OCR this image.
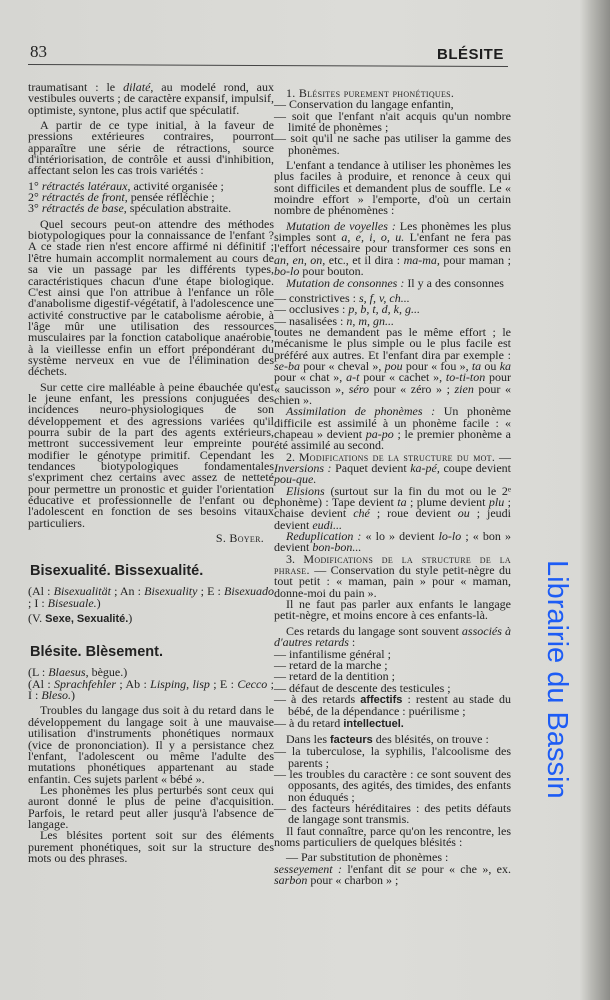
83	BLÉSITE
traumatisant : le dilaté, au modelé rond, aux vestibules ouverts ; de caractère expansif, impulsif, optimiste, syntone, plus actif que spéculatif.
A partir de ce type initial, à la faveur de pressions extérieures contraires, pourront apparaître une série de rétractions, source d'intériorisation, de contrôle et aussi d'inhibition, affectant selon les cas trois variétés :
1° rétractés latéraux, activité organisée ;
2° rétractés de front, pensée réfléchie ;
3° rétractés de base, spéculation abstraite.
Quel secours peut-on attendre des méthodes biotypologiques pour la connaissance de l'enfant ? A ce stade rien n'est encore affirmé ni définitif ; l'être humain accomplit normalement au cours de sa vie un passage par les différents types, caractéristiques chacun d'une étape biologique. C'est ainsi que l'on attribue à l'enfance un rôle d'anabolisme digestif-végétatif, à l'adolescence une activité constructive par le catabolisme aérobie, à l'âge mûr une utilisation des ressources musculaires par la fonction catabolique anaérobie, à la vieillesse enfin un effort prépondérant du système nerveux en vue de l'élimination des déchets.
Sur cette cire malléable à peine ébauchée qu'est le jeune enfant, les pressions conjuguées des incidences neuro-physiologiques de son développement et des agressions variées qu'il pourra subir de la part des agents extérieurs, mettront successivement leur empreinte pour modifier le génotype primitif. Cependant les tendances biotypologiques fondamentales s'expriment chez certains avec assez de netteté pour permettre un pronostic et guider l'orientation éducative et professionnelle de l'enfant ou de l'adolescent en fonction de ses besoins vitaux particuliers.
S. Boyer.
Bisexualité. Bissexualité.
(Al : Bisexualität ; An : Bisexuality ; E : Bisexuado ; I : Bisesuale.)
(V. Sexe, Sexualité.)
Blésite. Blèsement.
(L : Blaesus, bègue.)
(Al : Sprachfehler ; Ab : Lisping, lisp ; E : Cecco ; I : Bleso.)
Troubles du langage dus soit à du retard dans le développement du langage soit à une mauvaise utilisation d'instruments phonétiques normaux (vice de prononciation). Il y a persistance chez l'enfant, l'adolescent ou même l'adulte des mutations phonétiques appartenant au stade enfantin. Ces sujets parlent « bébé ».
Les phonèmes les plus perturbés sont ceux qui auront donné le plus de peine d'acquisition. Parfois, le retard peut aller jusqu'à l'absence de langage.
Les blésites portent soit sur des éléments purement phonétiques, soit sur la structure des mots ou des phrases.
1. Blésites purement phonétiques.
— Conservation du langage enfantin,
— soit que l'enfant n'ait acquis qu'un nombre limité de phonèmes ;
— soit qu'il ne sache pas utiliser la gamme des phonèmes.
L'enfant a tendance à utiliser les phonèmes les plus faciles à produire, et renonce à ceux qui sont difficiles et demandent plus de souffle. Le « moindre effort » l'emporte, d'où un certain nombre de phénomènes :
Mutation de voyelles : Les phonèmes les plus simples sont a, e, i, o, u. L'enfant ne fera pas l'effort nécessaire pour transformer ces sons en an, en, on, etc., et il dira : ma-ma, pour maman ; bo-lo pour bouton.
Mutation de consonnes : Il y a des consonnes
— constrictives : s, f, v, ch...
— occlusives : p, b, t, d, k, g...
— nasalisées : n, m, gn...
toutes ne demandent pas le même effort ; le mécanisme le plus simple ou le plus facile est préféré aux autres. Et l'enfant dira par exemple : se-ba pour « cheval », pou pour « fou », ta ou ka pour « chat », a-t pour « cachet », to-ti-ton pour « saucisson », séro pour « zéro » ; zien pour « chien ».
Assimilation de phonèmes : Un phonème difficile est assimilé à un phonème facile : « chapeau » devient pa-po ; le premier phonème a été assimilé au second.
2. Modifications de la structure du mot. — Inversions : Paquet devient ka-pé, coupe devient pou-que.
Elisions (surtout sur la fin du mot ou le 2ᵉ phonème) : Tape devient ta ; plume devient plu ; chaise devient ché ; roue devient ou ; jeudi devient eudi...
Reduplication : « lo » devient lo-lo ; « bon » devient bon-bon...
3. Modifications de la structure de la phrase. — Conservation du style petit-nègre du tout petit : « maman, pain » pour « maman, donne-moi du pain ».
Il ne faut pas parler aux enfants le langage petit-nègre, et moins encore à ces enfants-là.
Ces retards du langage sont souvent associés à d'autres retards :
— infantilisme général ;
— retard de la marche ;
— retard de la dentition ;
— défaut de descente des testicules ;
— à des retards affectifs : restent au stade du bébé, de la dépendance : puérilisme ;
— à du retard intellectuel.
Dans les facteurs des blésités, on trouve :
— la tuberculose, la syphilis, l'alcoolisme des parents ;
— les troubles du caractère : ce sont souvent des opposants, des agités, des timides, des enfants non éduqués ;
— des facteurs héréditaires : des petits défauts de langage sont transmis.
Il faut connaître, parce qu'on les rencontre, les noms particuliers de quelques blésités :
— Par substitution de phonèmes :
sesseyement : l'enfant dit se pour « che », ex. sarbon pour « charbon » ;
Librairie du Bassin
